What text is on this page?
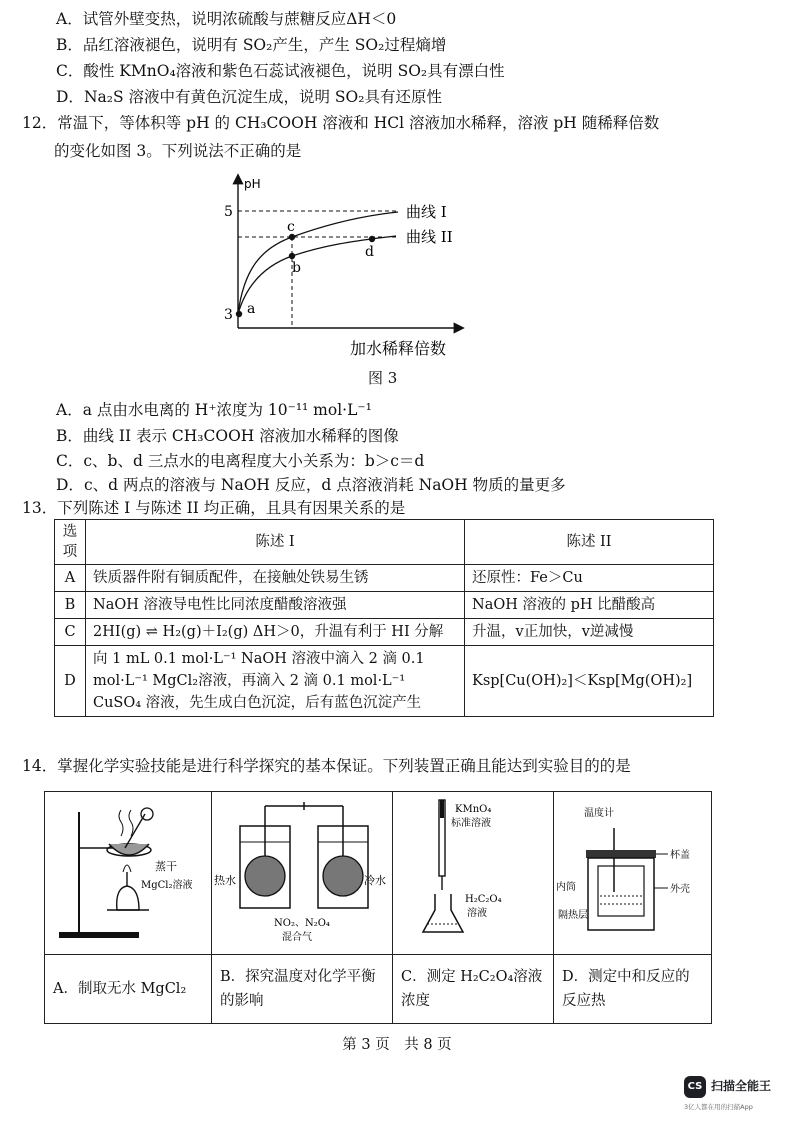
A．试管外壁变热，说明浓硫酸与蔗糖反应ΔH＜0
B．品红溶液褪色，说明有 SO₂产生，产生 SO₂过程熵增
C．酸性 KMnO₄溶液和紫色石蕊试液褪色，说明 SO₂具有漂白性
D．Na₂S 溶液中有黄色沉淀生成，说明 SO₂具有还原性
12．常温下，等体积等 pH 的 CH₃COOH 溶液和 HCl 溶液加水稀释，溶液 pH 随稀释倍数
的变化如图 3。下列说法不正确的是
pH
5
3 a
c
b
d
曲线 I
曲线 II
加水稀释倍数
图 3
A．a 点由水电离的 H⁺浓度为 10⁻¹¹ mol·L⁻¹
B．曲线 II 表示 CH₃COOH 溶液加水稀释的图像
C．c、b、d 三点水的电离程度大小关系为：b＞c＝d
D．c、d 两点的溶液与 NaOH 反应，d 点溶液消耗 NaOH 物质的量更多
13．下列陈述 I 与陈述 II 均正确，且具有因果关系的是
选项	陈述 I	陈述 II
A	铁质器件附有铜质配件，在接触处铁易生锈	还原性：Fe＞Cu
B	NaOH 溶液导电性比同浓度醋酸溶液强	NaOH 溶液的 pH 比醋酸高
C	2HI(g) ⇌ H₂(g)＋I₂(g) ΔH＞0，升温有利于 HI 分解	升温，v正加快，v逆减慢
D	向 1 mL 0.1 mol·L⁻¹ NaOH 溶液中滴入 2 滴 0.1 mol·L⁻¹ MgCl₂溶液，再滴入 2 滴 0.1 mol·L⁻¹ CuSO₄ 溶液，先生成白色沉淀，后有蓝色沉淀产生	Ksp[Cu(OH)₂]＜Ksp[Mg(OH)₂]
14．掌握化学实验技能是进行科学探究的基本保证。下列装置正确且能达到实验目的的是
蒸干
MgCl₂溶液	热水 冷水
NO₂、N₂O₄
混合气	KMnO₄
标准溶液
H₂C₂O₄
溶液	温度计
杯盖
内筒 外壳
隔热层

A．制取无水 MgCl₂	B．探究温度对化学平衡的影响	C．测定 H₂C₂O₄溶液浓度	D．测定中和反应的反应热
第 3 页　共 8 页
CS 扫描全能王
3亿人都在用的扫描App
